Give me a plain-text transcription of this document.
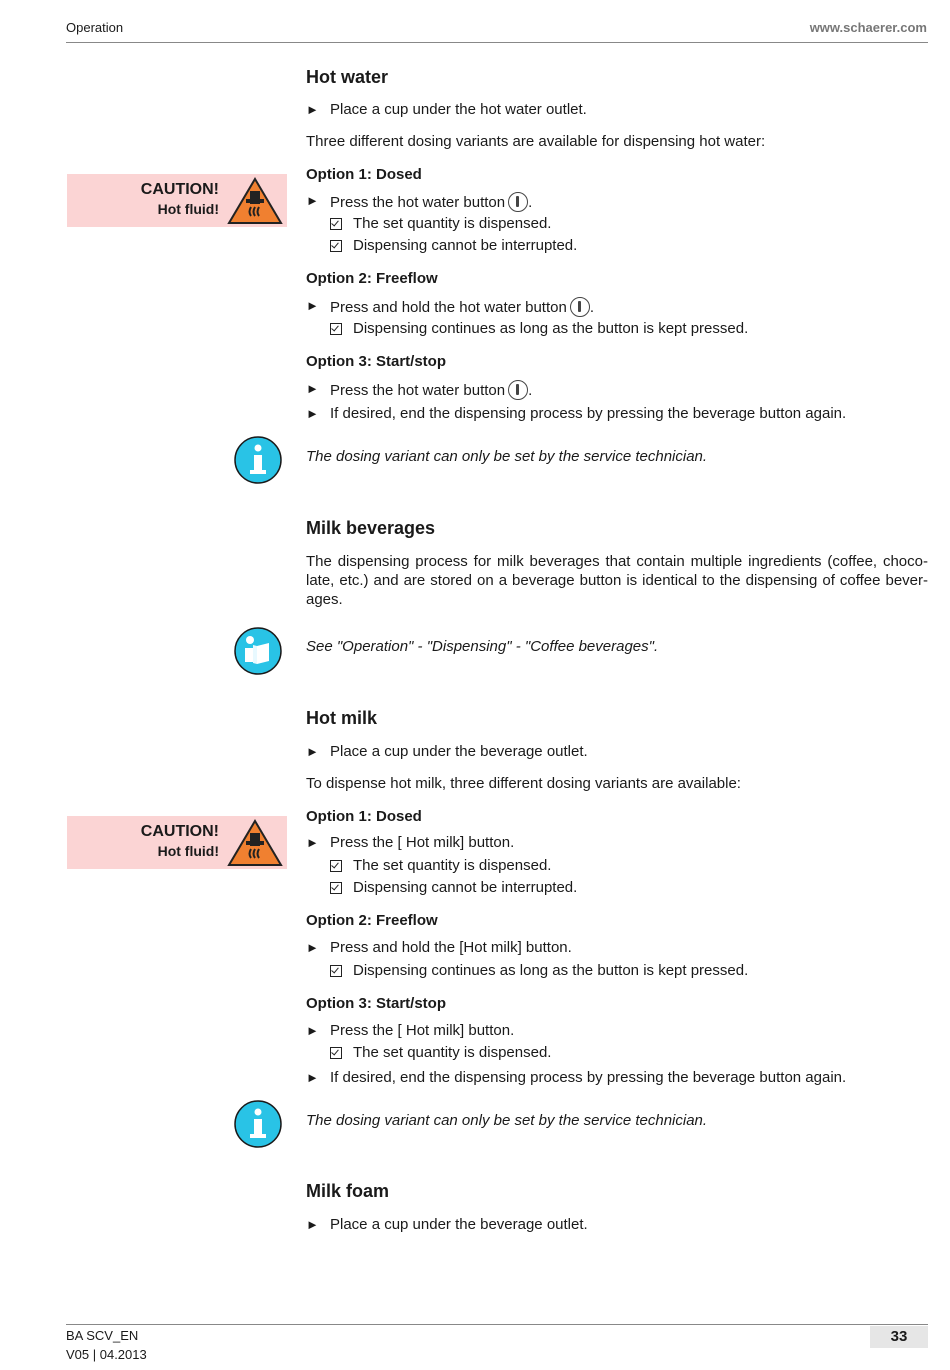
Operation	www.schaerer.com
BA SCV_EN
V05 | 04.2013
33
CAUTION!
Hot fluid!
CAUTION!
Hot fluid!
Hot water
► Place a cup under the hot water outlet.
Three different dosing variants are available for dispensing hot water:
Option 1: Dosed
► Press the hot water button .
The set quantity is dispensed.
Dispensing cannot be interrupted.
Option 2: Freeflow
► Press and hold the hot water button .
Dispensing continues as long as the button is kept pressed.
Option 3: Start/stop
► Press the hot water button .
► If desired, end the dispensing process by pressing the beverage button again.
The dosing variant can only be set by the service technician.
Milk beverages
The dispensing process for milk beverages that contain multiple ingredients (coffee, choco-late, etc.) and are stored on a beverage button is identical to the dispensing of coffee bever-ages.
See "Operation" - "Dispensing" - "Coffee beverages".
Hot milk
► Place a cup under the beverage outlet.
To dispense hot milk, three different dosing variants are available:
Option 1: Dosed
► Press the [ Hot milk] button.
The set quantity is dispensed.
Dispensing cannot be interrupted.
Option 2: Freeflow
► Press and hold the [Hot milk] button.
Dispensing continues as long as the button is kept pressed.
Option 3: Start/stop
► Press the [ Hot milk] button.
The set quantity is dispensed.
► If desired, end the dispensing process by pressing the beverage button again.
The dosing variant can only be set by the service technician.
Milk foam
► Place a cup under the beverage outlet.
